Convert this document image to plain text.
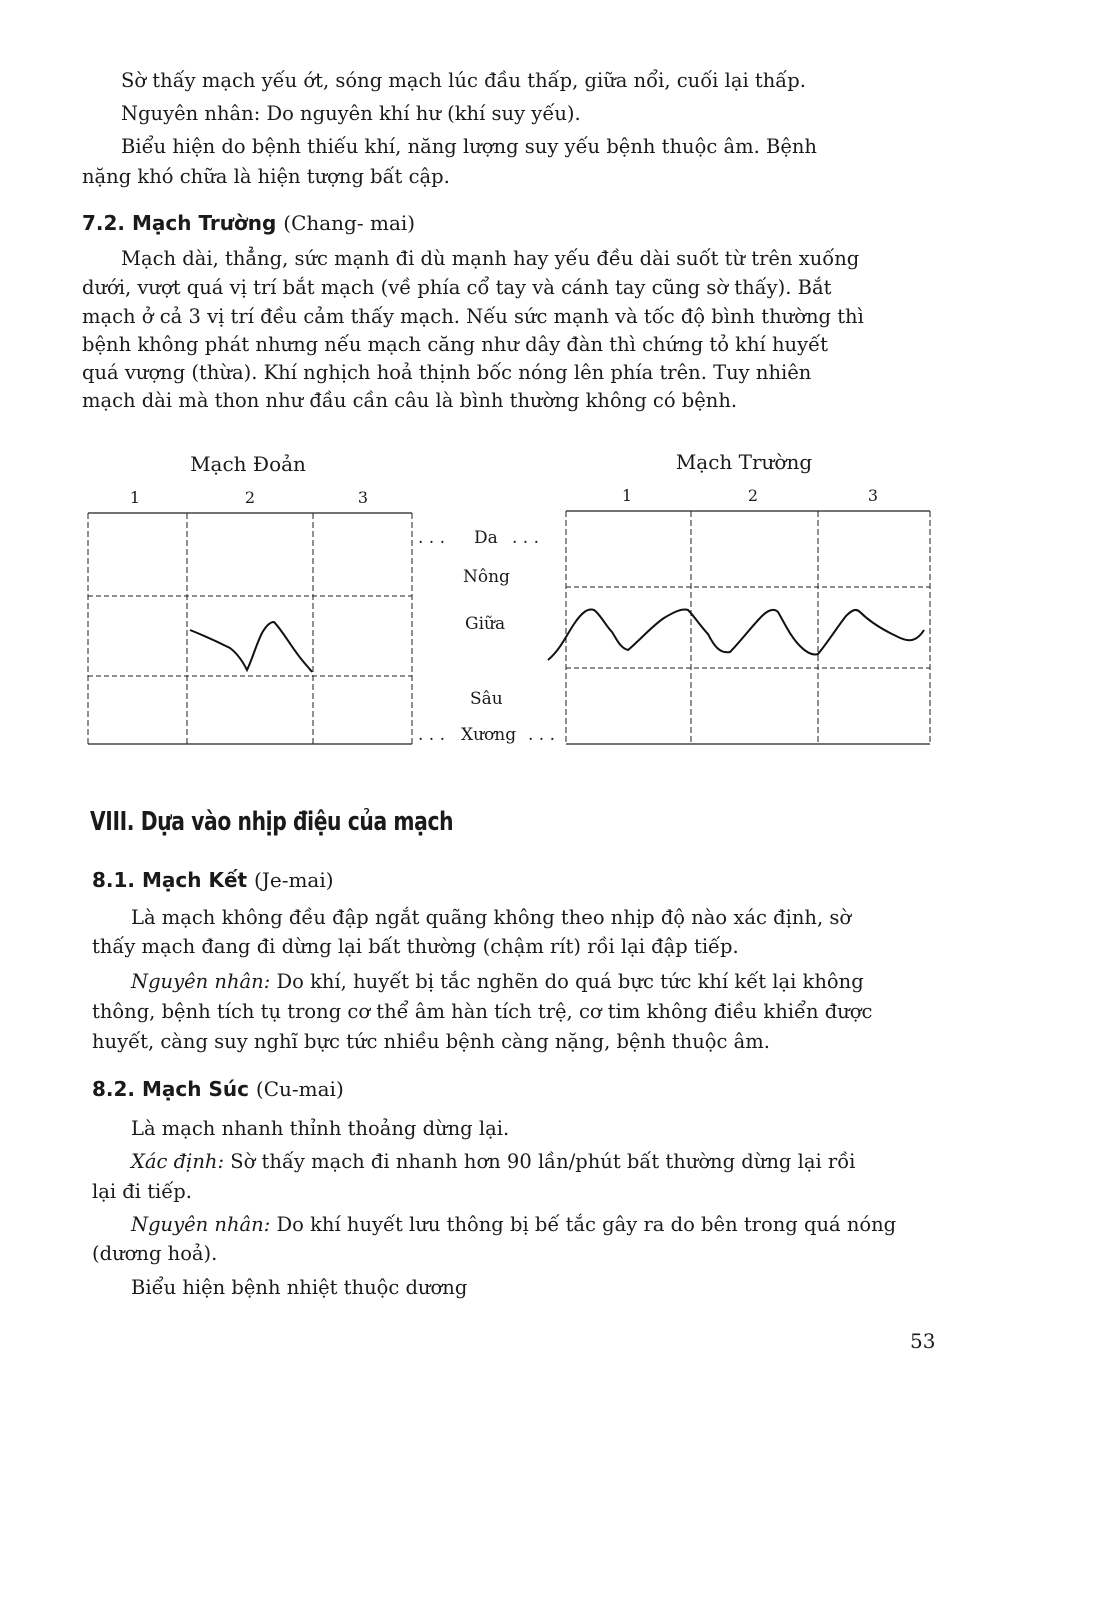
Sờ thấy mạch yếu ớt, sóng mạch lúc đầu thấp, giữa nổi, cuối lại thấp.
Nguyên nhân: Do nguyên khí hư (khí suy yếu).
Biểu hiện do bệnh thiếu khí, năng lượng suy yếu bệnh thuộc âm. Bệnh
nặng khó chữa là hiện tượng bất cập.
7.2. Mạch Trường (Chang- mai)
Mạch dài, thẳng, sức mạnh đi dù mạnh hay yếu đều dài suốt từ trên xuống
dưới, vượt quá vị trí bắt mạch (về phía cổ tay và cánh tay cũng sờ thấy). Bắt
mạch ở cả 3 vị trí đều cảm thấy mạch. Nếu sức mạnh và tốc độ bình thường thì
bệnh không phát nhưng nếu mạch căng như dây đàn thì chứng tỏ khí huyết
quá vượng (thừa). Khí nghịch hoả thịnh bốc nóng lên phía trên. Tuy nhiên
mạch dài mà thon như đầu cần câu là bình thường không có bệnh.
Mạch Đoản	Mạch Trường
1	2	3	1	2	3
. . . Da . . .
Nông
Giữa
Sâu
. . . Xương . . .
VIII. Dựa vào nhịp điệu của mạch
8.1. Mạch Kết (Je-mai)
Là mạch không đều đập ngắt quãng không theo nhịp độ nào xác định, sờ
thấy mạch đang đi dừng lại bất thường (chậm rít) rồi lại đập tiếp.
Nguyên nhân: Do khí, huyết bị tắc nghẽn do quá bực tức khí kết lại không
thông, bệnh tích tụ trong cơ thể âm hàn tích trệ, cơ tim không điều khiển được
huyết, càng suy nghĩ bực tức nhiều bệnh càng nặng, bệnh thuộc âm.
8.2. Mạch Súc (Cu-mai)
Là mạch nhanh thỉnh thoảng dừng lại.
Xác định: Sờ thấy mạch đi nhanh hơn 90 lần/phút bất thường dừng lại rồi
lại đi tiếp.
Nguyên nhân: Do khí huyết lưu thông bị bế tắc gây ra do bên trong quá nóng
(dương hoả).
Biểu hiện bệnh nhiệt thuộc dương
53
